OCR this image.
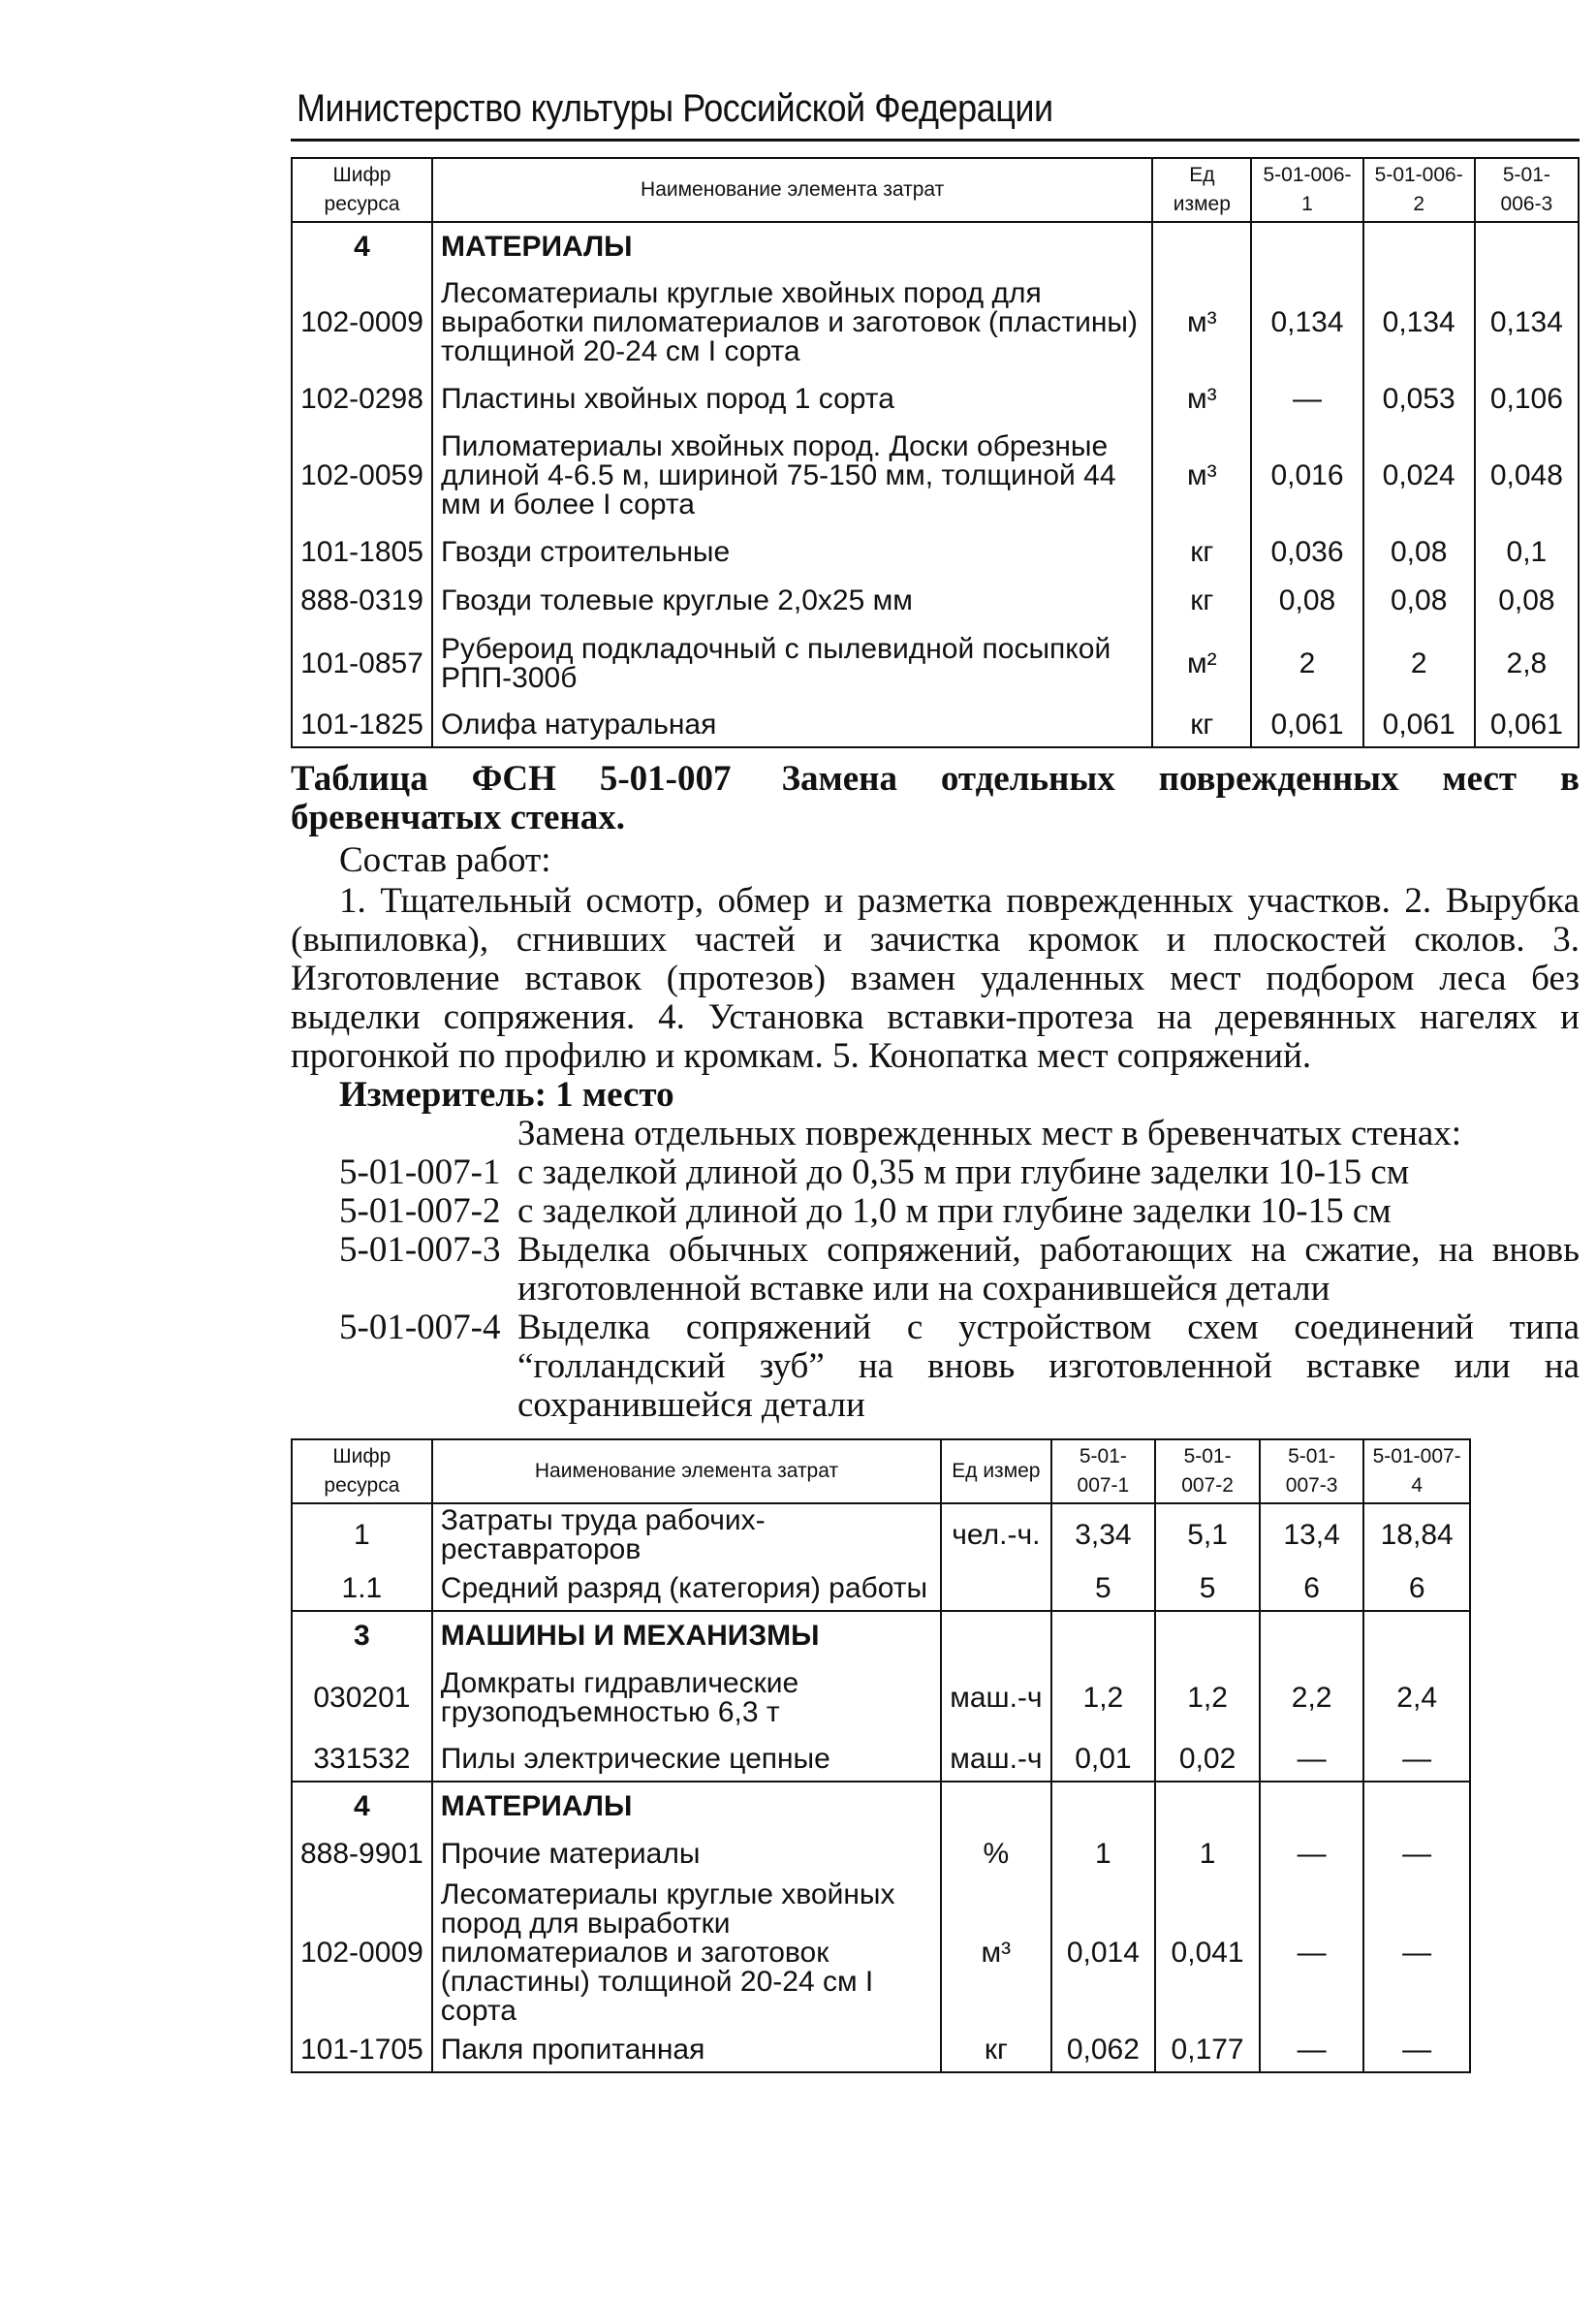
Министерство культуры Российской Федерации
Шифр ресурса	Наименование элемента затрат	Ед измер	5-01-006-1	5-01-006-2	5-01-006-3
4	МАТЕРИАЛЫ				
102-0009	Лесоматериалы круглые хвойных пород для выработки пиломатериалов и заготовок (пластины) толщиной 20-24 см I сорта	м³	0,134	0,134	0,134
102-0298	Пластины хвойных пород 1 сорта	м³	—	0,053	0,106
102-0059	Пиломатериалы хвойных пород. Доски обрезные длиной 4-6.5 м, шириной 75-150 мм, толщиной 44 мм и более I сорта	м³	0,016	0,024	0,048
101-1805	Гвозди строительные	кг	0,036	0,08	0,1
888-0319	Гвозди толевые круглые 2,0x25 мм	кг	0,08	0,08	0,08
101-0857	Рубероид подкладочный с пылевидной посыпкой РПП-300б	м²	2	2	2,8
101-1825	Олифа натуральная	кг	0,061	0,061	0,061
Таблица ФСН 5-01-007 Замена отдельных поврежденных мест в бревенчатых стенах.
Состав работ:
1. Тщательный осмотр, обмер и разметка поврежденных участков. 2. Вырубка (выпиловка), сгнивших частей и зачистка кромок и плоскостей сколов. 3. Изготовление вставок (протезов) взамен удаленных мест подбором леса без выделки сопряжения. 4. Установка вставки-протеза на деревянных нагелях и прогонкой по профилю и кромкам. 5. Конопатка мест сопряжений.
Измеритель: 1 место
Замена отдельных поврежденных мест в бревенчатых стенах:
5-01-007-1 с заделкой длиной до 0,35 м при глубине заделки 10-15 см
5-01-007-2 с заделкой длиной до 1,0 м при глубине заделки 10-15 см
5-01-007-3 Выделка обычных сопряжений, работающих на сжатие, на вновь изготовленной вставке или на сохранившейся детали
5-01-007-4 Выделка сопряжений с устройством схем соединений типа “голландский зуб” на вновь изготовленной вставке или на сохранившейся детали
Шифр ресурса	Наименование элемента затрат	Ед измер	5-01-007-1	5-01-007-2	5-01-007-3	5-01-007-4
1	Затраты труда рабочих-реставраторов	чел.-ч.	3,34	5,1	13,4	18,84
1.1	Средний разряд (категория) работы		5	5	6	6
3	МАШИНЫ И МЕХАНИЗМЫ					
030201	Домкраты гидравлические грузоподъемностью 6,3 т	маш.-ч	1,2	1,2	2,2	2,4
331532	Пилы электрические цепные	маш.-ч	0,01	0,02	—	—
4	МАТЕРИАЛЫ					
888-9901	Прочие материалы	%	1	1	—	—
102-0009	Лесоматериалы круглые хвойных пород для выработки пиломатериалов и заготовок (пластины) толщиной 20-24 см I сорта	м³	0,014	0,041	—	—
101-1705	Пакля пропитанная	кг	0,062	0,177	—	—
